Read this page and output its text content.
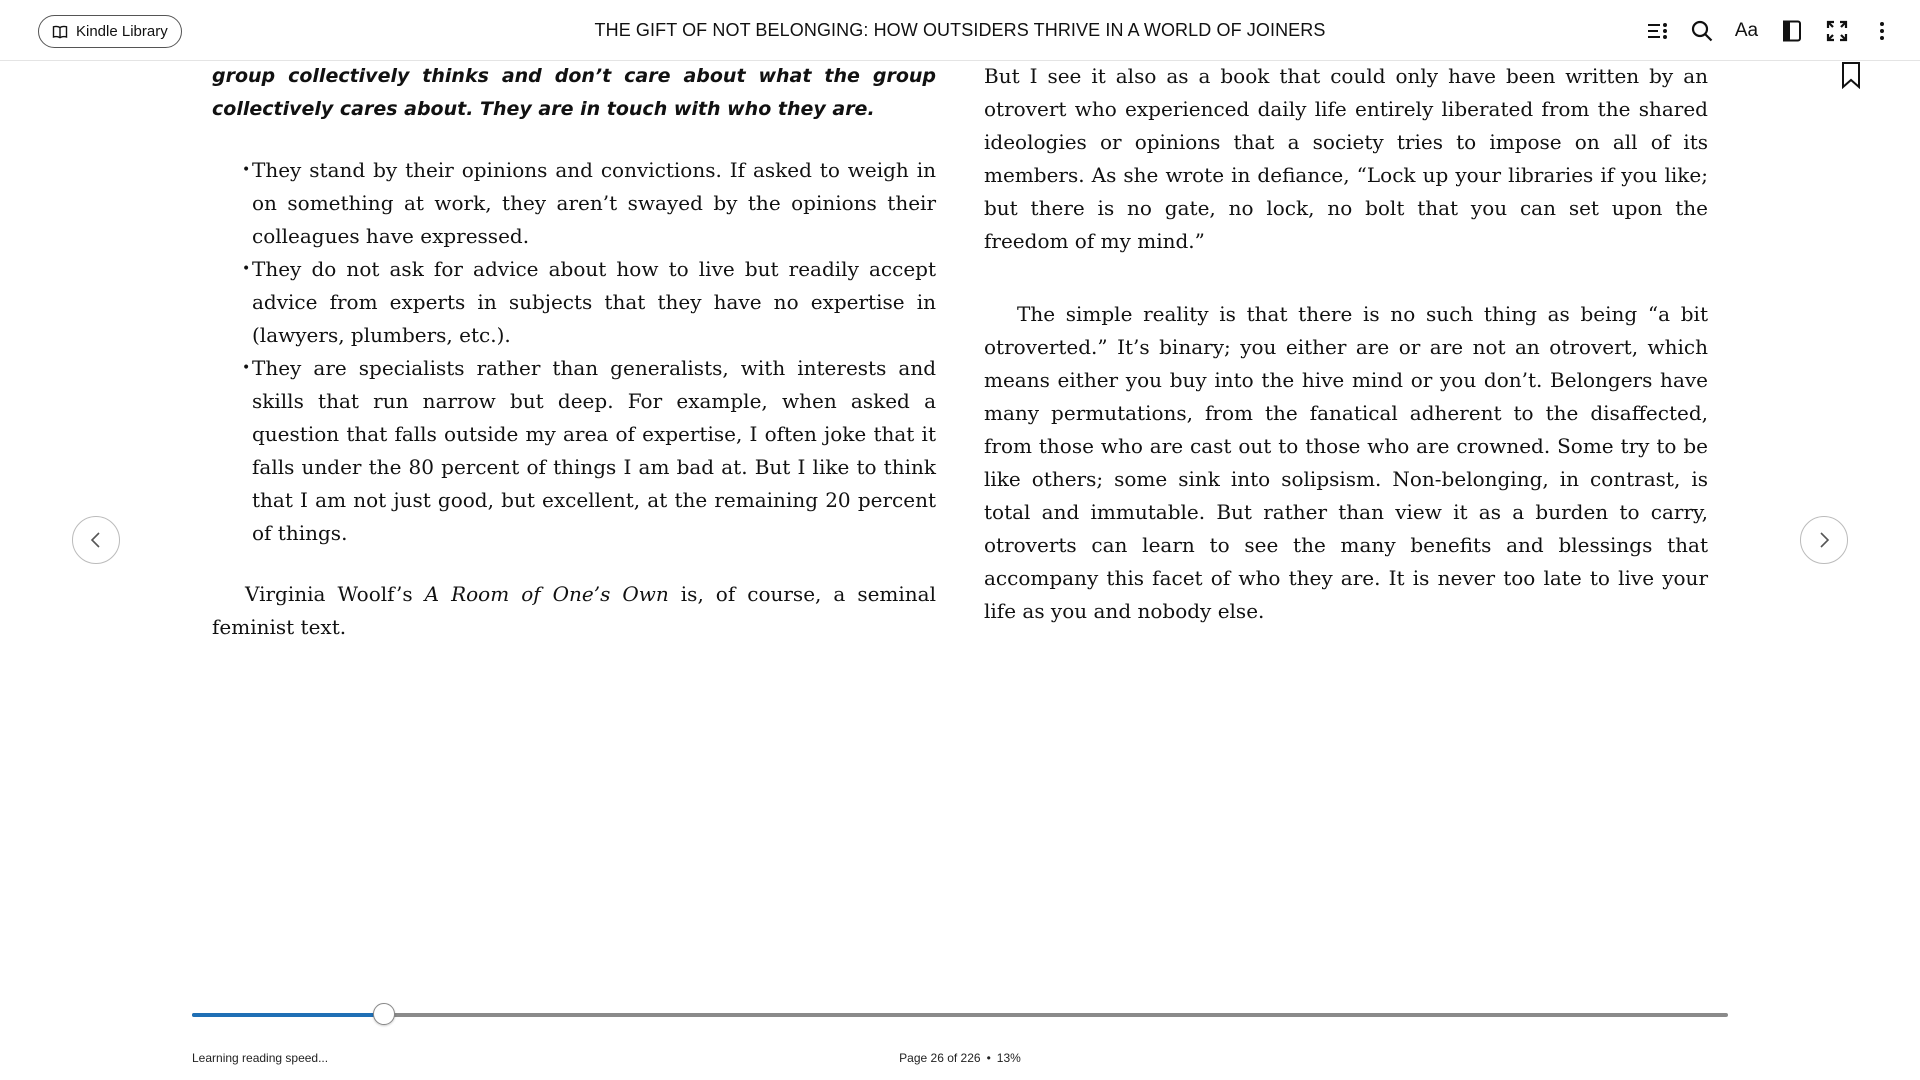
Kindle Library	THE GIFT OF NOT BELONGING: HOW OUTSIDERS THRIVE IN A WORLD OF JOINERS	Aa

group collectively thinks and don’t care about what the group collectively cares about. They are in touch with who they are.

• They stand by their opinions and convictions. If asked to weigh in on something at work, they aren’t swayed by the opinions their colleagues have expressed.
• They do not ask for advice about how to live but readily accept advice from experts in subjects that they have no expertise in (lawyers, plumbers, etc.).
• They are specialists rather than generalists, with interests and skills that run narrow but deep. For example, when asked a question that falls outside my area of expertise, I often joke that it falls under the 80 percent of things I am bad at. But I like to think that I am not just good, but excellent, at the remaining 20 percent of things.

Virginia Woolf’s A Room of One’s Own is, of course, a seminal feminist text.

But I see it also as a book that could only have been written by an otrovert who experienced daily life entirely liberated from the shared ideologies or opinions that a society tries to impose on all of its members. As she wrote in defiance, “Lock up your libraries if you like; but there is no gate, no lock, no bolt that you can set upon the freedom of my mind.”

The simple reality is that there is no such thing as being “a bit otroverted.” It’s binary; you either are or are not an otrovert, which means either you buy into the hive mind or you don’t. Belongers have many permutations, from the fanatical adherent to the disaffected, from those who are cast out to those who are crowned. Some try to be like others; some sink into solipsism. Non-belonging, in contrast, is total and immutable. But rather than view it as a burden to carry, otroverts can learn to see the many benefits and blessings that accompany this facet of who they are. It is never too late to live your life as you and nobody else.

Learning reading speed...	Page 26 of 226 • 13%
